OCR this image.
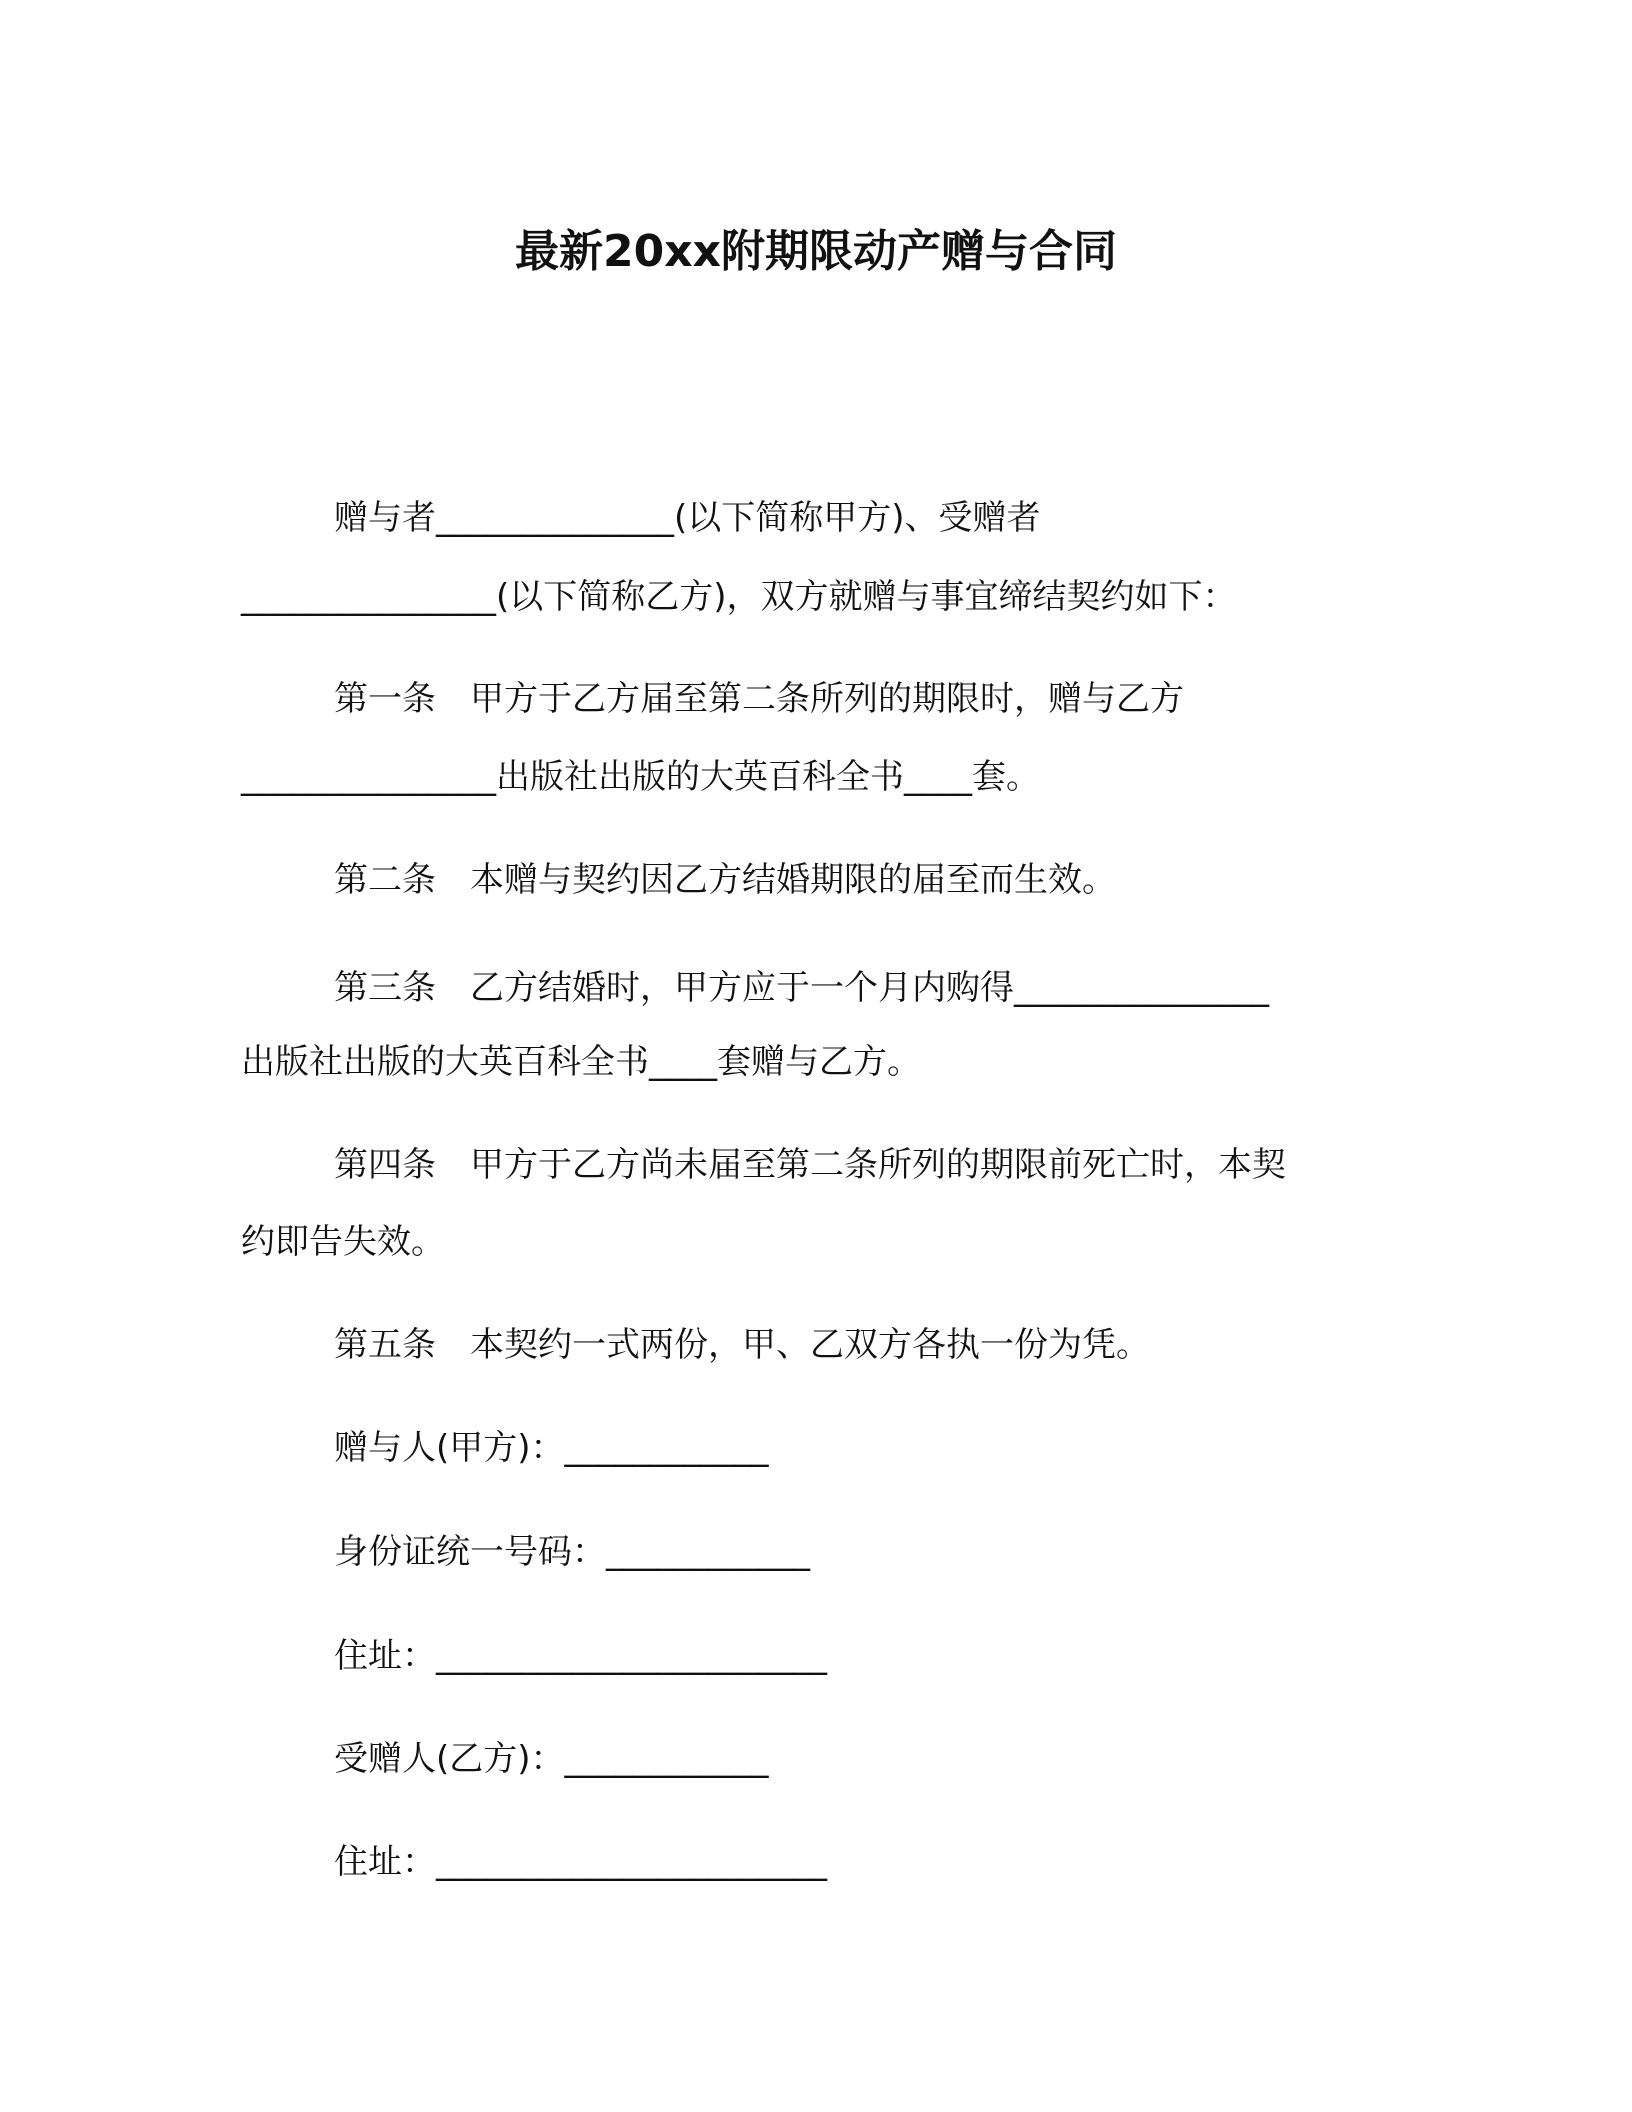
最新20xx附期限动产赠与合同
赠与者______________(以下简称甲方)、受赠者
_______________(以下简称乙方)，双方就赠与事宜缔结契约如下：
第一条　甲方于乙方届至第二条所列的期限时，赠与乙方
_______________出版社出版的大英百科全书____套。
第二条　本赠与契约因乙方结婚期限的届至而生效。
第三条　乙方结婚时，甲方应于一个月内购得_______________
出版社出版的大英百科全书____套赠与乙方。
第四条　甲方于乙方尚未届至第二条所列的期限前死亡时，本契
约即告失效。
第五条　本契约一式两份，甲、乙双方各执一份为凭。
赠与人(甲方)：____________
身份证统一号码：____________
住址：_______________________
受赠人(乙方)：____________
住址：_______________________
